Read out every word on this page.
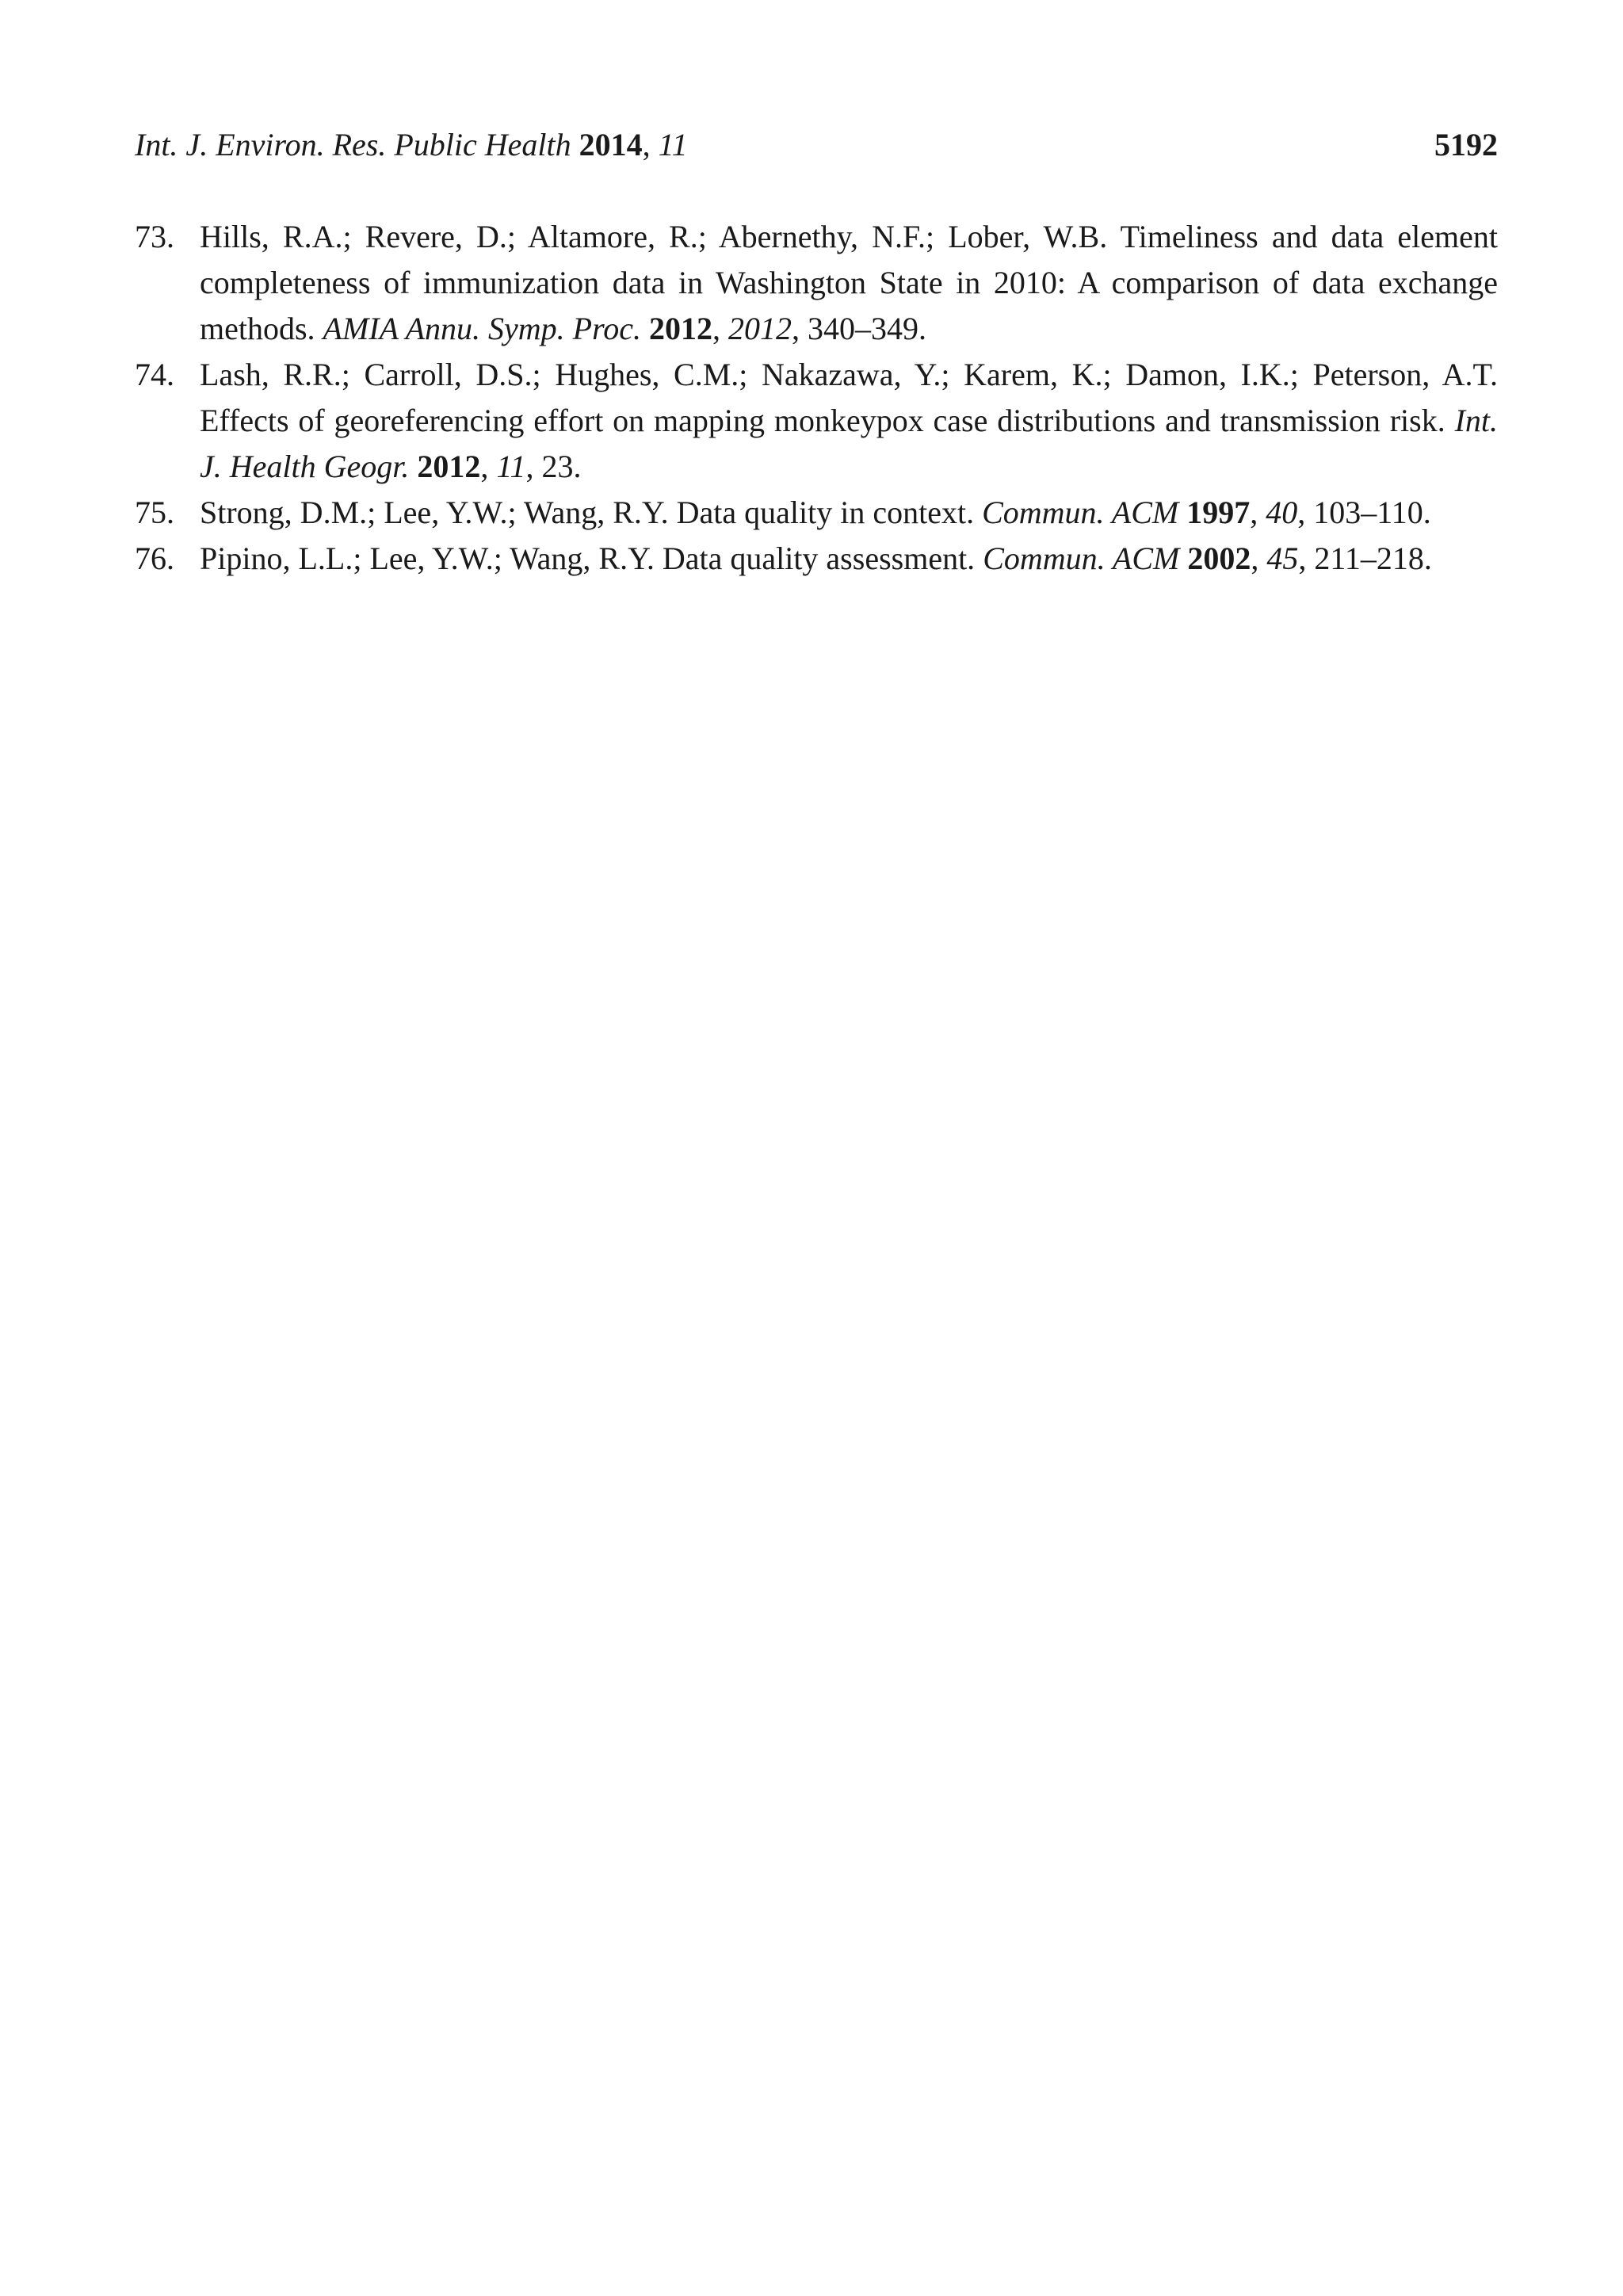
Int. J. Environ. Res. Public Health 2014, 11	5192
73. Hills, R.A.; Revere, D.; Altamore, R.; Abernethy, N.F.; Lober, W.B. Timeliness and data element completeness of immunization data in Washington State in 2010: A comparison of data exchange methods. AMIA Annu. Symp. Proc. 2012, 2012, 340–349.
74. Lash, R.R.; Carroll, D.S.; Hughes, C.M.; Nakazawa, Y.; Karem, K.; Damon, I.K.; Peterson, A.T. Effects of georeferencing effort on mapping monkeypox case distributions and transmission risk. Int. J. Health Geogr. 2012, 11, 23.
75. Strong, D.M.; Lee, Y.W.; Wang, R.Y. Data quality in context. Commun. ACM 1997, 40, 103–110.
76. Pipino, L.L.; Lee, Y.W.; Wang, R.Y. Data quality assessment. Commun. ACM 2002, 45, 211–218.
